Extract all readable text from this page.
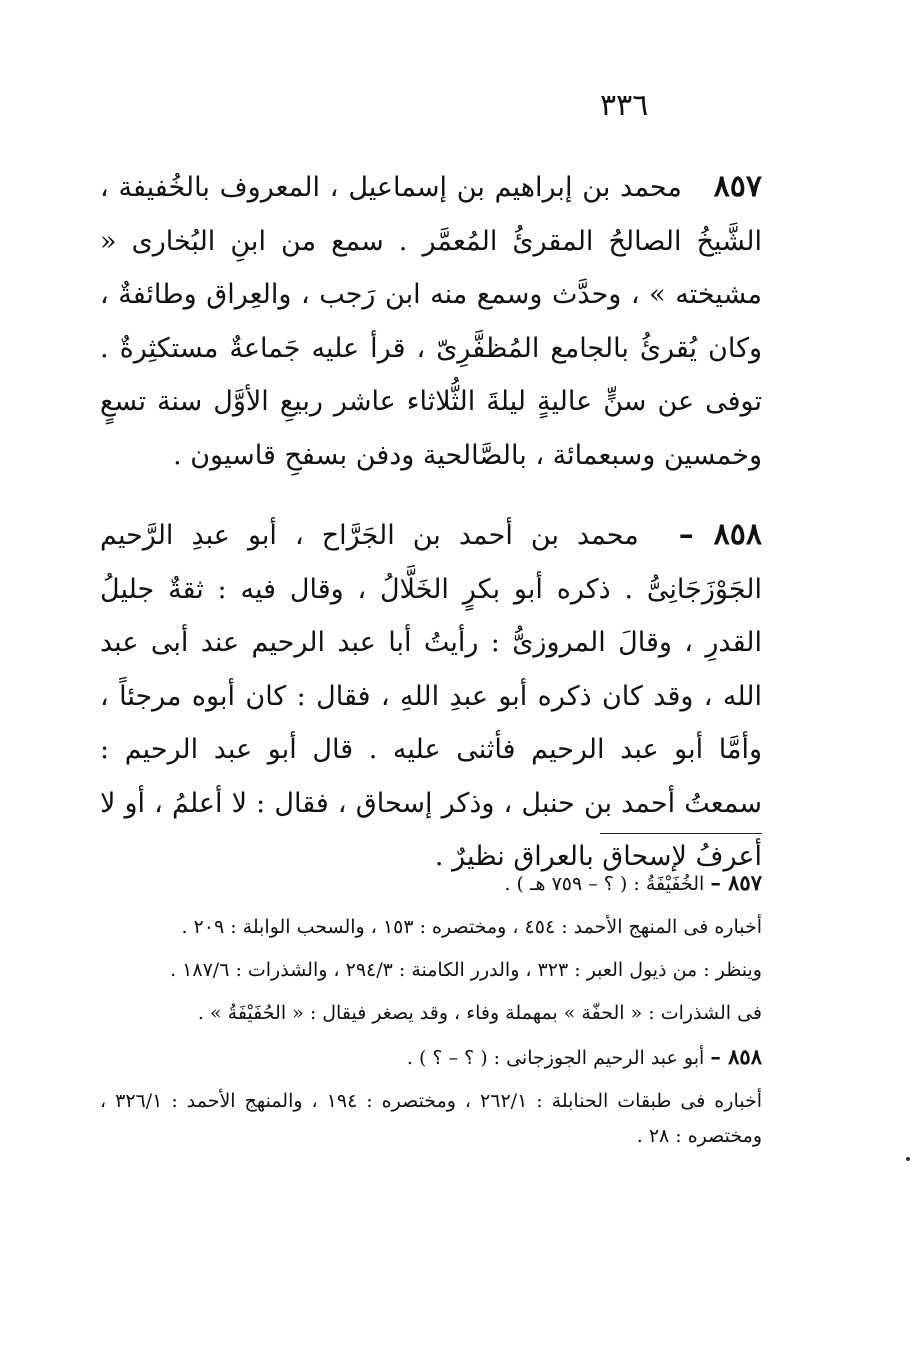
٣٣٦

٨٥٧ محمد بن إبراهيم بن إسماعيل ، المعروف بالخُفيفة ، الشَّيخُ الصالحُ المقرئُ المُعمَّر . سمع من ابنِ البُخارى « مشيخته » ، وحدَّث وسمع منه ابن رَجب ، والعِراق وطائفةٌ ، وكان يُقرئُ بالجامع المُظفَّرِىّ ، قرأ عليه جَماعةٌ مستكثِرةٌ . توفى عن سنٍّ عاليةٍ ليلةَ الثُّلاثاء عاشر ربيعِ الأوَّل سنة تسعٍ وخمسين وسبعمائة ، بالصَّالحية ودفن بسفحِ قاسيون .

٨٥٨ – محمد بن أحمد بن الجَرَّاح ، أبو عبدِ الرَّحيم الجَوْزَجَانِىُّ . ذكره أبو بكرٍ الخَلَّالُ ، وقال فيه : ثقةٌ جليلُ القدرِ ، وقالَ المروزىُّ : رأيتُ أبا عبد الرحيم عند أبى عبد الله ، وقد كان ذكره أبو عبدِ اللهِ ، فقال : كان أبوه مرجئاً ، وأمَّا أبو عبد الرحيم فأثنى عليه . قال أبو عبد الرحيم : سمعتُ أحمد بن حنبل ، وذكر إسحاق ، فقال : لا أعلمُ ، أو لا أعرفُ لإسحاق بالعراق نظيرٌ .

٨٥٧ – الخُفَيْفَةُ : ( ؟ – ٧٥٩ هـ ) .

أخباره فى المنهج الأحمد : ٤٥٤ ، ومختصره : ١٥٣ ، والسحب الوابلة : ٢٠٩ .

وينظر : من ذيول العبر : ٣٢٣ ، والدرر الكامنة : ٢٩٤/٣ ، والشذرات : ١٨٧/٦ .

فى الشذرات : « الحفّة » بمهملة وفاء ، وقد يصغر فيقال : « الحُفَيْفَةُ » .

٨٥٨ – أبو عبد الرحيم الجوزجانى : ( ؟ – ؟ ) .

أخباره فى طبقات الحنابلة : ٢٦٢/١ ، ومختصره : ١٩٤ ، والمنهج الأحمد : ٣٢٦/١ ، ومختصره : ٢٨ .
